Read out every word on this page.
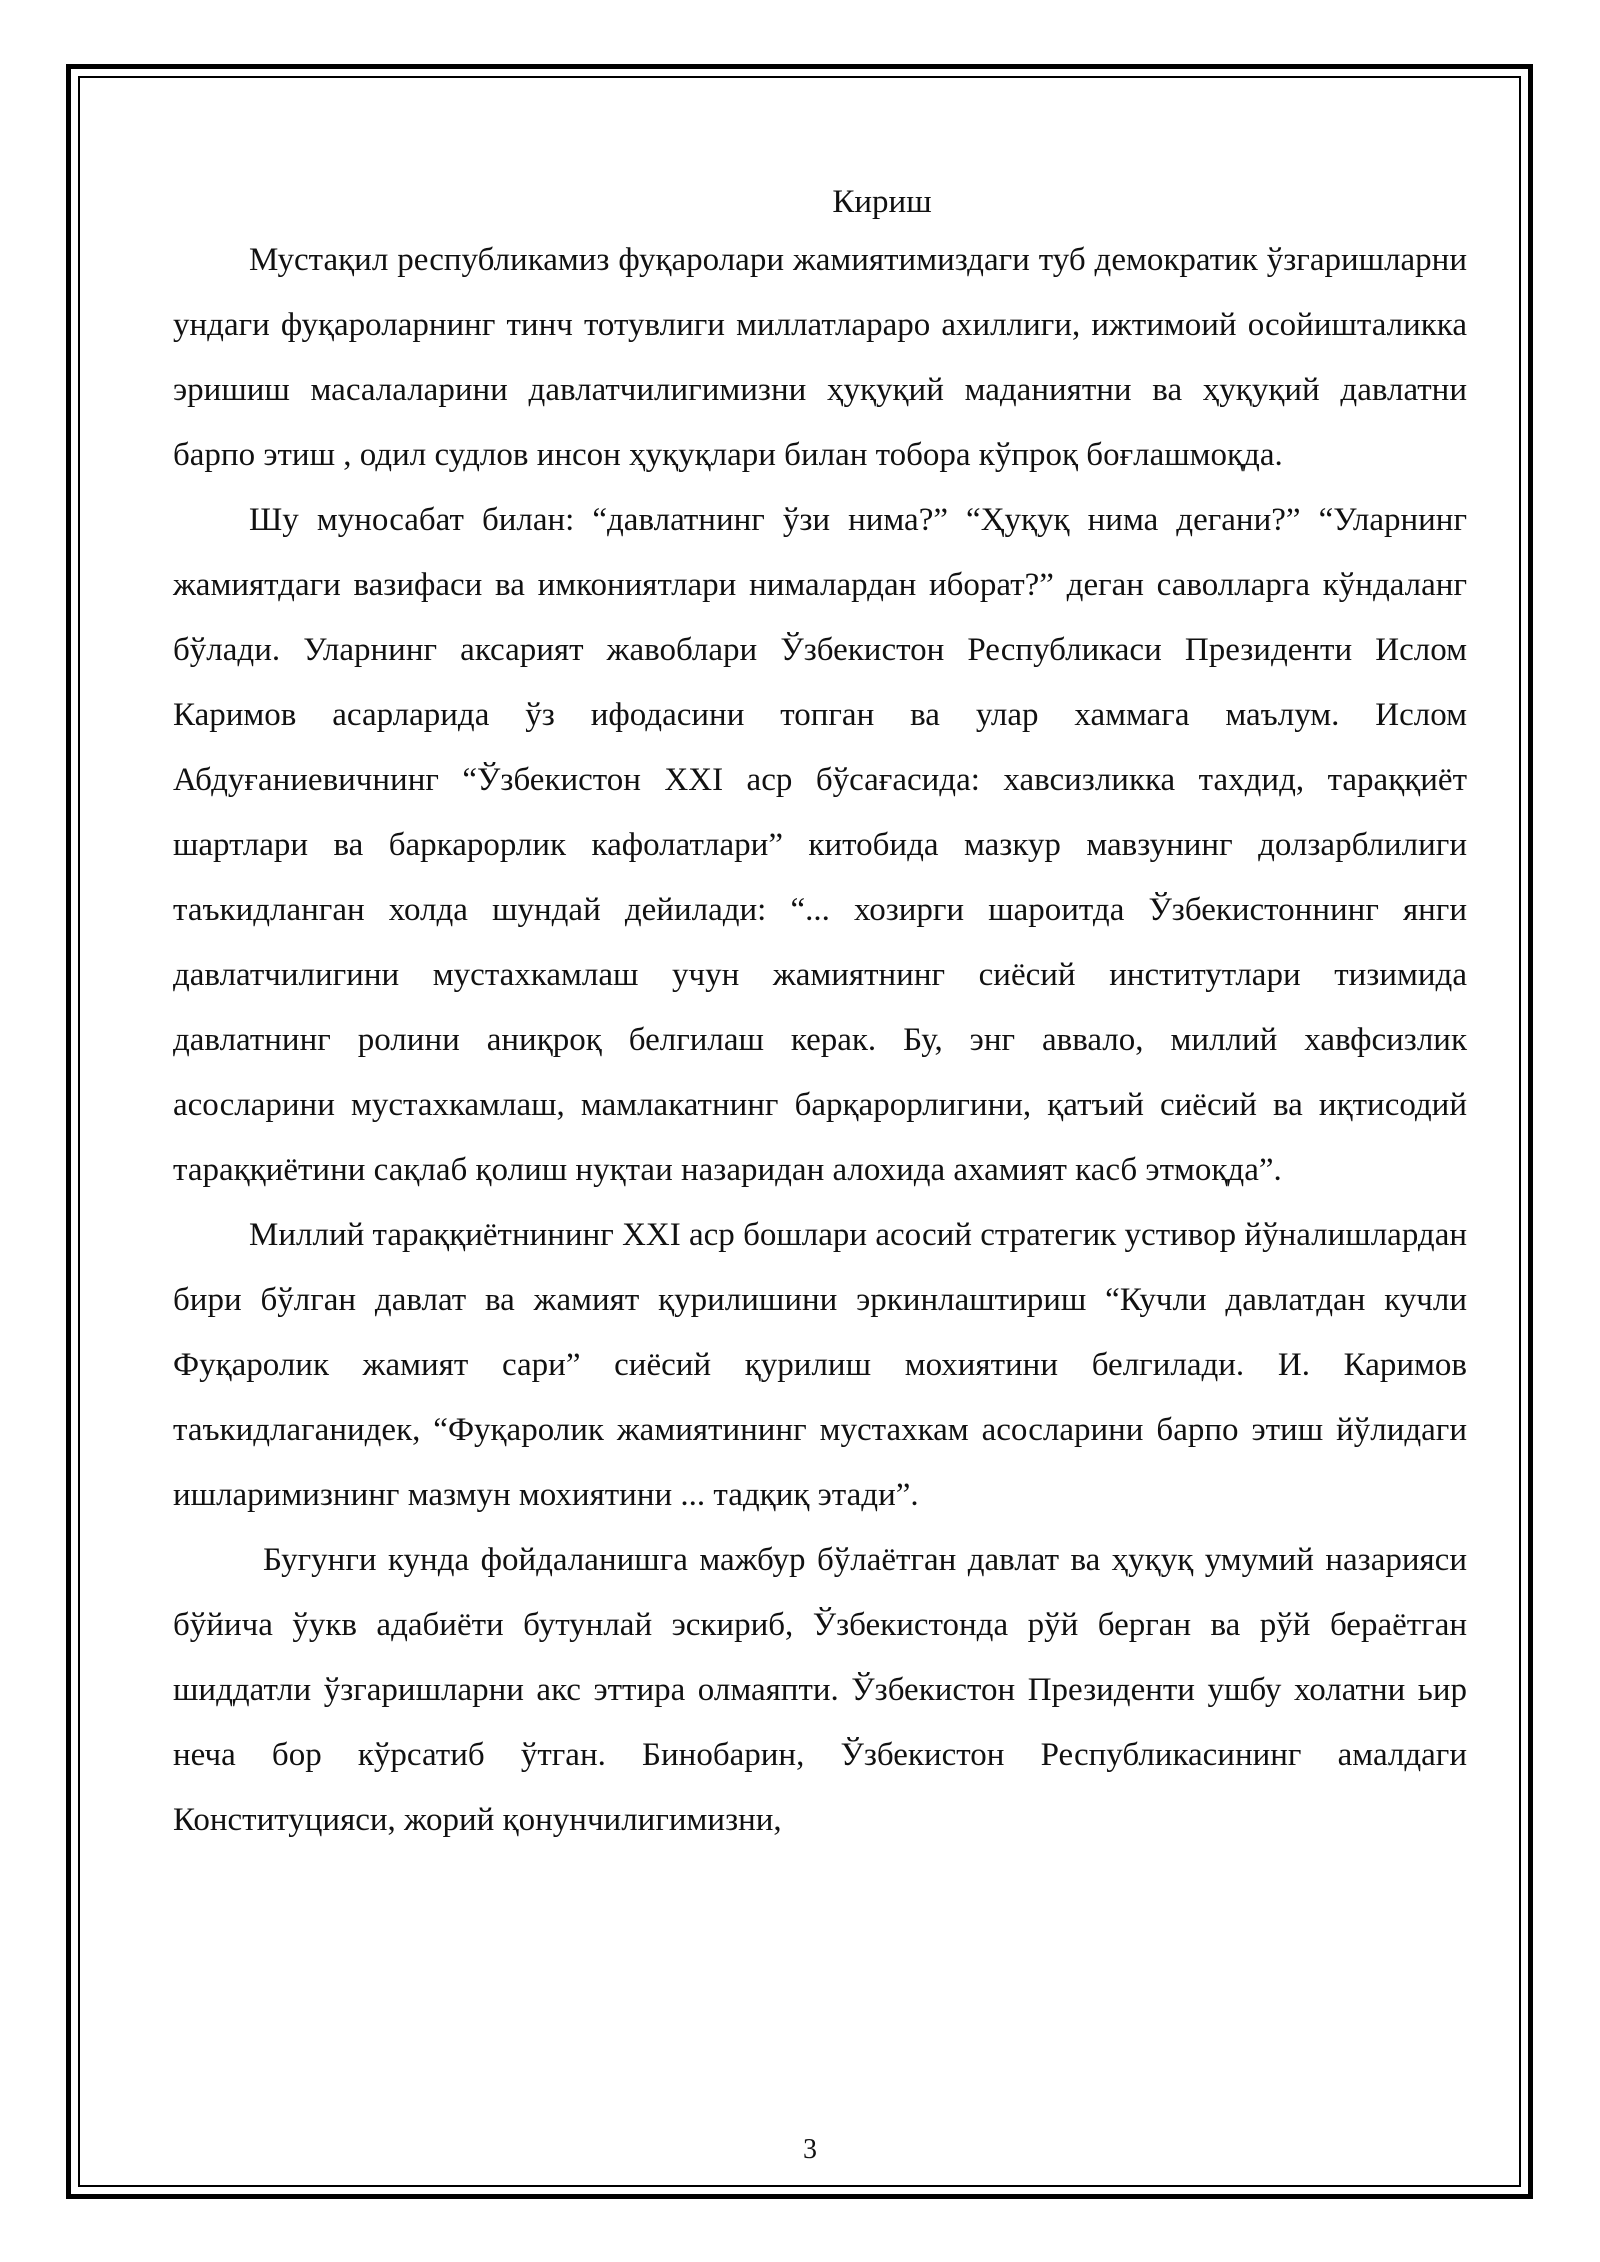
Кириш

Мустақил республикамиз фуқаролари жамиятимиздаги туб демократик ўзгаришларни ундаги фуқароларнинг тинч тотувлиги миллатлараро ахиллиги, ижтимоий осойишталикка эришиш масалаларини давлатчилигимизни ҳуқуқий маданиятни ва ҳуқуқий давлатни барпо этиш , одил судлов инсон ҳуқуқлари билан тобора кўпроқ боғлашмоқда.

Шу муносабат билан: “давлатнинг ўзи нима?” “Ҳуқуқ нима дегани?” “Уларнинг жамиятдаги вазифаси ва имкониятлари нималардан иборат?” деган саволларга кўндаланг бўлади. Уларнинг аксарият жавоблари Ўзбекистон Республикаси Президенти Ислом Каримов асарларида ўз ифодасини топган ва улар хаммага маълум. Ислом Абдуғаниевичнинг “Ўзбекистон XXI аср бўсағасида: хавсизликка тахдид, тараққиёт шартлари ва баркарорлик кафолатлари” китобида мазкур мавзунинг долзарблилиги таъкидланган холда шундай дейилади: “... хозирги шароитда Ўзбекистоннинг янги давлатчилигини мустахкамлаш учун жамиятнинг сиёсий институтлари тизимида давлатнинг ролини аниқроқ белгилаш керак. Бу, энг аввало, миллий хавфсизлик асосларини мустахкамлаш, мамлакатнинг барқарорлигини, қатъий сиёсий ва иқтисодий тараққиётини сақлаб қолиш нуқтаи назаридан алохида ахамият касб этмоқда”.

Миллий тараққиётнининг XXI аср бошлари асосий стратегик устивор йўналишлардан бири бўлган давлат ва жамият қурилишини эркинлаштириш “Кучли давлатдан кучли Фуқаролик жамият сари” сиёсий қурилиш мохиятини белгилади. И. Каримов таъкидлаганидек, “Фуқаролик жамиятининг мустахкам асосларини барпо этиш йўлидаги ишларимизнинг мазмун мохиятини ... тадқиқ этади”.

Бугунги кунда фойдаланишга мажбур бўлаётган давлат ва ҳуқуқ умумий назарияси бўйича ўукв адабиёти бутунлай эскириб, Ўзбекистонда рўй берган ва рўй бераётган шиддатли ўзгаришларни акс эттира олмаяпти. Ўзбекистон Президенти ушбу холатни ьир неча бор кўрсатиб ўтган. Бинобарин, Ўзбекистон Республикасининг амалдаги Конституцияси, жорий қонунчилигимизни,

3
